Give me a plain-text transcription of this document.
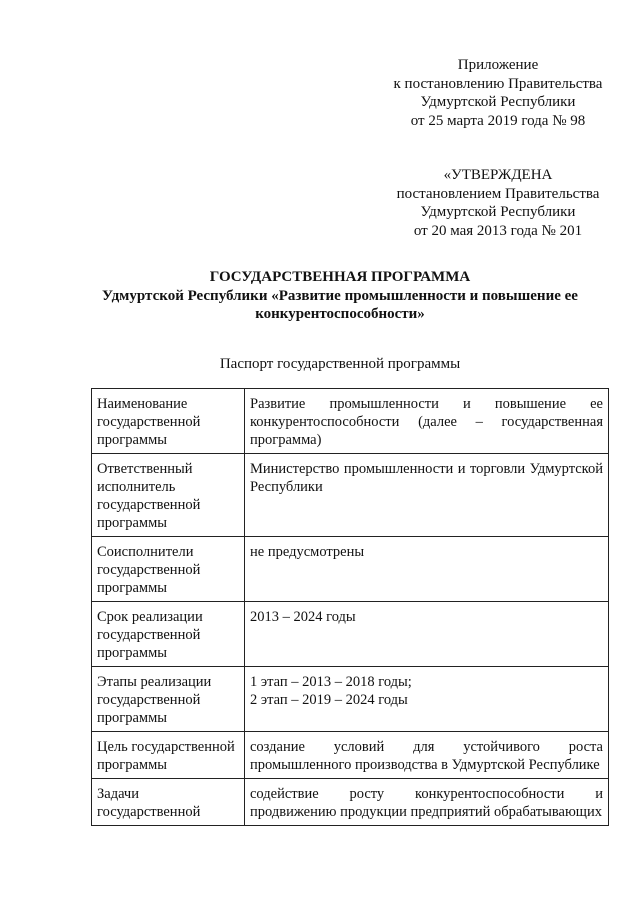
Приложение
к постановлению Правительства
Удмуртской Республики
от 25 марта 2019 года № 98
«УТВЕРЖДЕНА
постановлением Правительства
Удмуртской Республики
от 20 мая 2013 года № 201
ГОСУДАРСТВЕННАЯ ПРОГРАММА
Удмуртской Республики «Развитие промышленности и повышение ее конкурентоспособности»
Паспорт государственной программы
Наименование государственной программы	Развитие промышленности и повышение ее конкурентоспособности (далее – государственная программа)
Ответственный исполнитель государственной программы	Министерство промышленности и торговли Удмуртской Республики
Соисполнители государственной программы	не предусмотрены
Срок реализации государственной программы	2013 – 2024 годы
Этапы реализации государственной программы	1 этап – 2013 – 2018 годы;
2 этап – 2019 – 2024 годы

Цель государственной программы	создание условий для устойчивого роста промышленного производства в Удмуртской Республике
Задачи государственной	содействие росту конкурентоспособности и продвижению продукции предприятий обрабатывающих
